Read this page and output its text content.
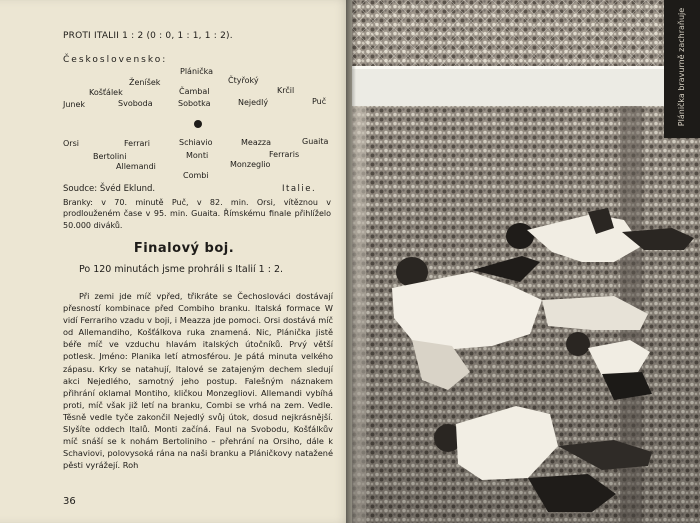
PROTI ITALII 1 : 2 (0 : 0, 1 : 1, 1 : 2).
Československo:
Plánička
Ženíšek	Čtyřoký
Košťálek	Čambal	Krčil
Junek	Svoboda	Sobotka	Nejedlý	Puč
Orsi	Ferrari	Schiavio	Meazza	Guaita
Bertolini	Monti	Ferraris
Allemandi	Monzeglio
Combi
Soudce: Švéd Eklund.	Italie.
Branky: v 70. minutě Puč, v 82. min. Orsi, vítěznou v prodlouženém čase v 95. min. Guaita. Římskému finale přihlíželo 50.000 diváků.
Finalový boj.
Po 120 minutách jsme prohráli s Italií 1 : 2.

Při zemi jde míč vpřed, třikráte se Čechoslováci dostávají přesností kombinace před Combiho branku. Italská formace W vidí Ferrariho vzadu v boji, i Meazza jde pomoci. Orsi dostává míč od Allemandiho, Košťálkova ruka znamená. Nic, Plánička jistě béře míč ve vzduchu hlavám italských útočníků. Prvý větší potlesk. Jméno: Planika letí atmosférou. Je pátá minuta velkého zápasu. Krky se natahují, Italové se zatajeným dechem sledují akci Nejedlého, samotný jeho postup. Falešným náznakem přihrání oklamal Montiho, kličkou Monzegliovi. Allemandi vybíhá proti, míč však již letí na branku, Combi se vrhá na zem. Vedle. Těsně vedle tyče zakončil Nejedlý svůj útok, dosud nejkrásnější. Slyšíte oddech Italů. Monti začíná. Faul na Svobodu, Košťálkův míč snáší se k nohám Bertoliniho – přehrání na Orsiho, dále k Schaviovi, polovysoká rána na naši branku a Pláničkovy natažené pěsti vyrážejí. Roh

36
Plánička bravurně zachraňuje
